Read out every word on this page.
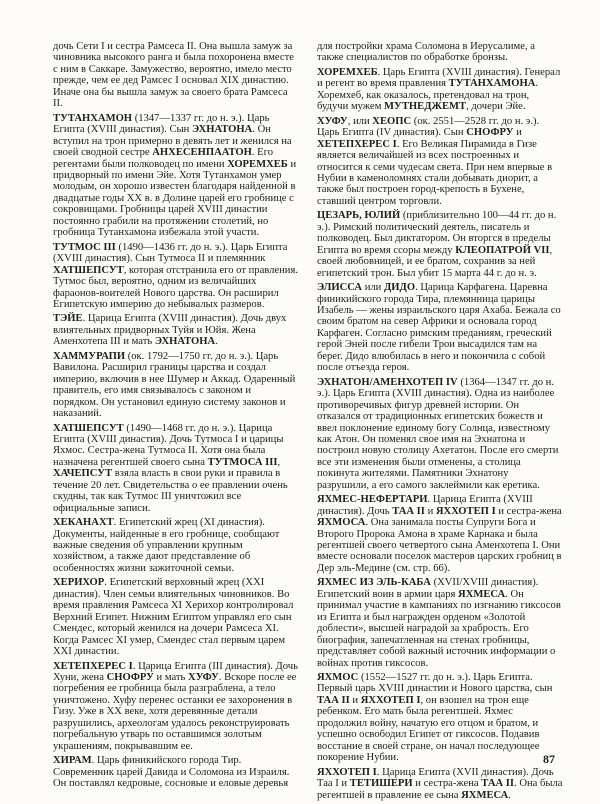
дочь Сети I и сестра Рамсеса II. Она вышла замуж за чиновника высокого ранга и была похоронена вместе с ним в Саккаре. Замужество, вероятно, имело место прежде, чем ее дед Рамсес I основал XIX династию. Иначе она бы вышла замуж за своего брата Рамсеса II.

ТУТАНХАМОН (1347—1337 гг. до н. э.). Царь Египта (XVIII династия). Сын ЭХНАТОНА. Он вступил на трон примерно в девять лет и женился на своей сводной сестре АНХЕСЕНПААТОН. Его регентами были полководец по имени ХОРЕМХЕБ и придворный по имени Эйе. Хотя Тутанхамон умер молодым, он хорошо известен благодаря найденной в двадцатые годы XX в. в Долине царей его гробнице с сокровищами. Гробницы царей XVIII династии постоянно грабили на протяжении столетий, но гробница Тутанхамона избежала этой участи.

ТУТМОС III (1490—1436 гг. до н. э.). Царь Египта (XVIII династия). Сын Тутмоса II и племянник ХАТШЕПСУТ, которая отстранила его от правления. Тутмос был, вероятно, одним из величайших фараонов-воителей Нового царства. Он расширил Египетскую империю до небывалых размеров.

ТЭЙЕ. Царица Египта (XVIII династия). Дочь двух влиятельных придворных Туйя и Юйя. Жена Аменхотепа III и мать ЭХНАТОНА.

ХАММУРАПИ (ок. 1792—1750 гг. до н. э.). Царь Вавилона. Расширил границы царства и создал империю, включив в нее Шумер и Аккад. Одаренный правитель, его имя связывалось с законом и порядком. Он установил единую систему законов и наказаний.

ХАТШЕПСУТ (1490—1468 гг. до н. э.). Царица Египта (XVIII династия). Дочь Тутмоса I и царицы Яхмос. Сестра-жена Тутмоса II. Хотя она была назначена регентшей своего сына ТУТМОСА III, ХАЧЕПСУТ взяла власть в свои руки и правила в течение 20 лет. Свидетельства о ее правлении очень скудны, так как Тутмос III уничтожил все официальные записи.

ХЕКАНАХТ. Египетский жрец (XI династия). Документы, найденные в его гробнице, сообщают важные сведения об управлении крупным хозяйством, а также дают представление об особенностях жизни зажиточной семьи.

ХЕРИХОР. Египетский верховный жрец (XXI династия). Член семьи влиятельных чиновников. Во время правления Рамсеса XI Херихор контролировал Верхний Египет. Нижним Египтом управлял его сын Смендес, который женился на дочери Рамсеса XI. Когда Рамсес XI умер, Смендес стал первым царем XXI династии.

ХЕТЕПХЕРЕС I. Царица Египта (III династия). Дочь Хуни, жена СНОФРУ и мать ХУФУ. Вскоре после ее погребения ее гробница была разграблена, а тело уничтожено. Хуфу перенес останки ее захоронения в Гизу. Уже в XX веке, хотя деревянные детали разрушились, археологам удалось реконструировать погребальную утварь по оставшимся золотым украшениям, покрывавшим ее.

ХИРАМ. Царь финикийского города Тир. Современник царей Давида и Соломона из Израиля. Он поставлял кедровые, сосновые и еловые деревья

для постройки храма Соломона в Иерусалиме, а также специалистов по обработке бронзы.

ХОРЕМХЕБ. Царь Египта (XVIII династия). Генерал и регент во время правления ТУТАНХАМОНА. Хоремхеб, как оказалось, претендовал на трон, будучи мужем МУТНЕДЖЕМТ, дочери Эйе.

ХУФУ, или ХЕОПС (ок. 2551—2528 гг. до н. э.). Царь Египта (IV династия). Сын СНОФРУ и ХЕТЕПХЕРЕС I. Его Великая Пирамида в Гизе является величайшей из всех построенных и относится к семи чудесам света. При нем впервые в Нубии в каменоломнях стали добывать диорит, а также был построен город-крепость в Бухене, ставший центром торговли.

ЦЕЗАРЬ, ЮЛИЙ (приблизительно 100—44 гг. до н. э.). Римский политический деятель, писатель и полководец. Был диктатором. Он вторгся в пределы Египта во время ссоры между КЛЕОПАТРОЙ VII, своей любовницей, и ее братом, сохранив за ней египетский трон. Был убит 15 марта 44 г. до н. э.

ЭЛИССА или ДИДО. Царица Карфагена. Царевна финикийского города Тира, племянница царицы Изабель — жены израильского царя Ахаба. Бежала со своим братом на север Африки и основала город Карфаген. Согласно римским преданиям, греческий герой Эней после гибели Трои высадился там на берег. Дидо влюбилась в него и покончила с собой после отъезда героя.

ЭХНАТОН/АМЕНХОТЕП IV (1364—1347 гг. до н. э.). Царь Египта (XVIII династия). Одна из наиболее противоречивых фигур древней истории. Он отказался от традиционных египетских божеств и ввел поклонение единому богу Солнца, известному как Атон. Он поменял свое имя на Эхнатона и построил новую столицу Ахетатон. После его смерти все эти изменения были отменены, а столица покинута жителями. Памятники Эхнатону разрушили, а его самого заклеймили как еретика.

ЯХМЕС-НЕФЕРТАРИ. Царица Египта (XVIII династия). Дочь ТАА II и ЯХХОТЕП I и сестра-жена ЯХМОСА. Она занимала посты Супруги Бога и Второго Пророка Амона в храме Карнака и была регентшей своего четвертого сына Аменхотепа I. Они вместе основали поселок мастеров царских гробниц в Дер эль-Медине (см. стр. 66).

ЯХМЕС ИЗ ЭЛЬ-КАБА (XVII/XVIII династия). Египетский воин в армии царя ЯХМЕСА. Он принимал участие в кампаниях по изгнанию гиксосов из Египта и был награжден орденом «Золотой доблести», высшей наградой за храбрость. Его биография, запечатленная на стенах гробницы, представляет собой важный источник информации о войнах против гиксосов.

ЯХМОС (1552—1527 гг. до н. э.). Царь Египта. Первый царь XVIII династии и Нового царства, сын ТАА II и ЯХХОТЕП I, он взошел на трон еще ребенком. Его мать была регентшей. Яхмес продолжил войну, начатую его отцом и братом, и успешно освободил Египет от гиксосов. Подавив восстание в своей стране, он начал последующее покорение Нубии.

ЯХХОТЕП I. Царица Египта (XVII династия). Дочь Таа I и ТЕТИШЕРИ и сестра-жена ТАА II. Она была регентшей в правление ее сына ЯХМЕСА.

87
